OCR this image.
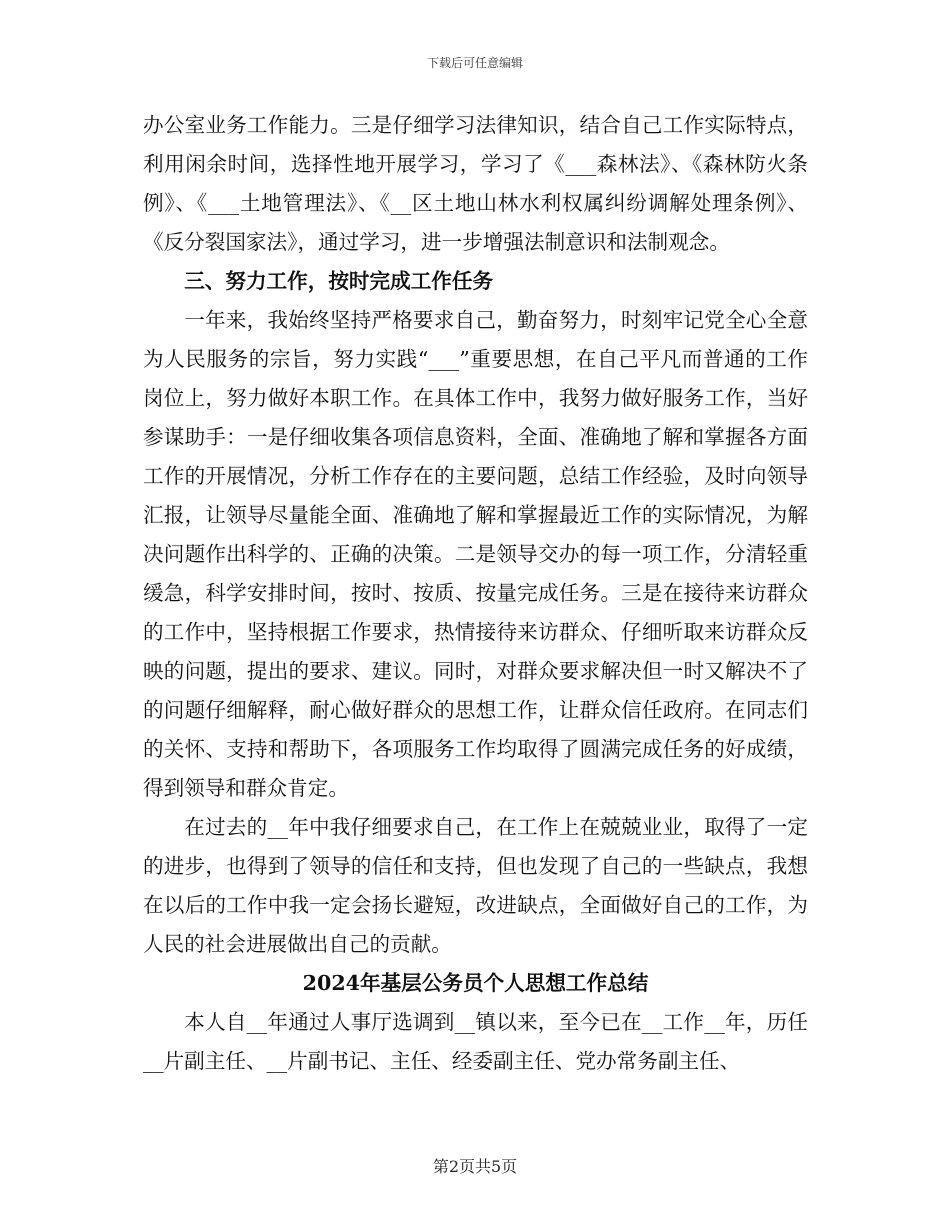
下载后可任意编辑

办公室业务工作能力。三是仔细学习法律知识，结合自己工作实际特点，利用闲余时间，选择性地开展学习，学习了《___森林法》、《森林防火条例》、《___土地管理法》、《__区土地山林水利权属纠纷调解处理条例》、《反分裂国家法》，通过学习，进一步增强法制意识和法制观念。

三、努力工作，按时完成工作任务

一年来，我始终坚持严格要求自己，勤奋努力，时刻牢记党全心全意为人民服务的宗旨，努力实践“___”重要思想，在自己平凡而普通的工作岗位上，努力做好本职工作。在具体工作中，我努力做好服务工作，当好参谋助手：一是仔细收集各项信息资料，全面、准确地了解和掌握各方面工作的开展情况，分析工作存在的主要问题，总结工作经验，及时向领导汇报，让领导尽量能全面、准确地了解和掌握最近工作的实际情况，为解决问题作出科学的、正确的决策。二是领导交办的每一项工作，分清轻重缓急，科学安排时间，按时、按质、按量完成任务。三是在接待来访群众的工作中，坚持根据工作要求，热情接待来访群众、仔细听取来访群众反映的问题，提出的要求、建议。同时，对群众要求解决但一时又解决不了的问题仔细解释，耐心做好群众的思想工作，让群众信任政府。在同志们的关怀、支持和帮助下，各项服务工作均取得了圆满完成任务的好成绩，得到领导和群众肯定。

在过去的__年中我仔细要求自己，在工作上在兢兢业业，取得了一定的进步，也得到了领导的信任和支持，但也发现了自己的一些缺点，我想在以后的工作中我一定会扬长避短，改进缺点，全面做好自己的工作，为人民的社会进展做出自己的贡献。

2024年基层公务员个人思想工作总结

本人自__年通过人事厅选调到__镇以来，至今已在__工作__年，历任__片副主任、__片副书记、主任、经委副主任、党办常务副主任、

第2页共5页
